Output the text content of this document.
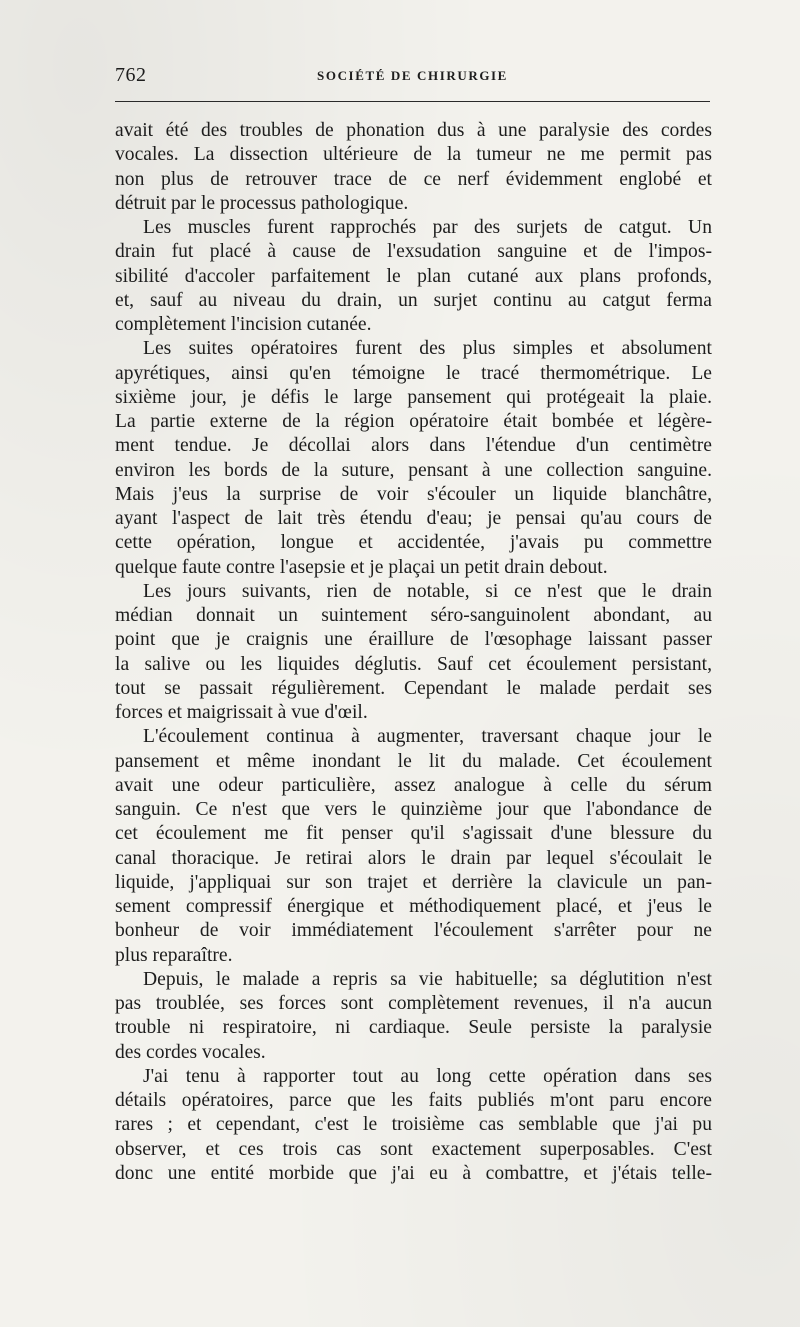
762	SOCIÉTÉ DE CHIRURGIE

avait été des troubles de phonation dus à une paralysie des cordes
vocales. La dissection ultérieure de la tumeur ne me permit pas
non plus de retrouver trace de ce nerf évidemment englobé et
détruit par le processus pathologique.

Les muscles furent rapprochés par des surjets de catgut. Un
drain fut placé à cause de l'exsudation sanguine et de l'impos-
sibilité d'accoler parfaitement le plan cutané aux plans profonds,
et, sauf au niveau du drain, un surjet continu au catgut ferma
complètement l'incision cutanée.

Les suites opératoires furent des plus simples et absolument
apyrétiques, ainsi qu'en témoigne le tracé thermométrique. Le
sixième jour, je défis le large pansement qui protégeait la plaie.
La partie externe de la région opératoire était bombée et légère-
ment tendue. Je décollai alors dans l'étendue d'un centimètre
environ les bords de la suture, pensant à une collection sanguine.
Mais j'eus la surprise de voir s'écouler un liquide blanchâtre,
ayant l'aspect de lait très étendu d'eau; je pensai qu'au cours de
cette opération, longue et accidentée, j'avais pu commettre
quelque faute contre l'asepsie et je plaçai un petit drain debout.

Les jours suivants, rien de notable, si ce n'est que le drain
médian donnait un suintement séro-sanguinolent abondant, au
point que je craignis une éraillure de l'œsophage laissant passer
la salive ou les liquides déglutis. Sauf cet écoulement persistant,
tout se passait régulièrement. Cependant le malade perdait ses
forces et maigrissait à vue d'œil.

L'écoulement continua à augmenter, traversant chaque jour le
pansement et même inondant le lit du malade. Cet écoulement
avait une odeur particulière, assez analogue à celle du sérum
sanguin. Ce n'est que vers le quinzième jour que l'abondance de
cet écoulement me fit penser qu'il s'agissait d'une blessure du
canal thoracique. Je retirai alors le drain par lequel s'écoulait le
liquide, j'appliquai sur son trajet et derrière la clavicule un pan-
sement compressif énergique et méthodiquement placé, et j'eus le
bonheur de voir immédiatement l'écoulement s'arrêter pour ne
plus reparaître.

Depuis, le malade a repris sa vie habituelle; sa déglutition n'est
pas troublée, ses forces sont complètement revenues, il n'a aucun
trouble ni respiratoire, ni cardiaque. Seule persiste la paralysie
des cordes vocales.

J'ai tenu à rapporter tout au long cette opération dans ses
détails opératoires, parce que les faits publiés m'ont paru encore
rares ; et cependant, c'est le troisième cas semblable que j'ai pu
observer, et ces trois cas sont exactement superposables. C'est
donc une entité morbide que j'ai eu à combattre, et j'étais telle-
